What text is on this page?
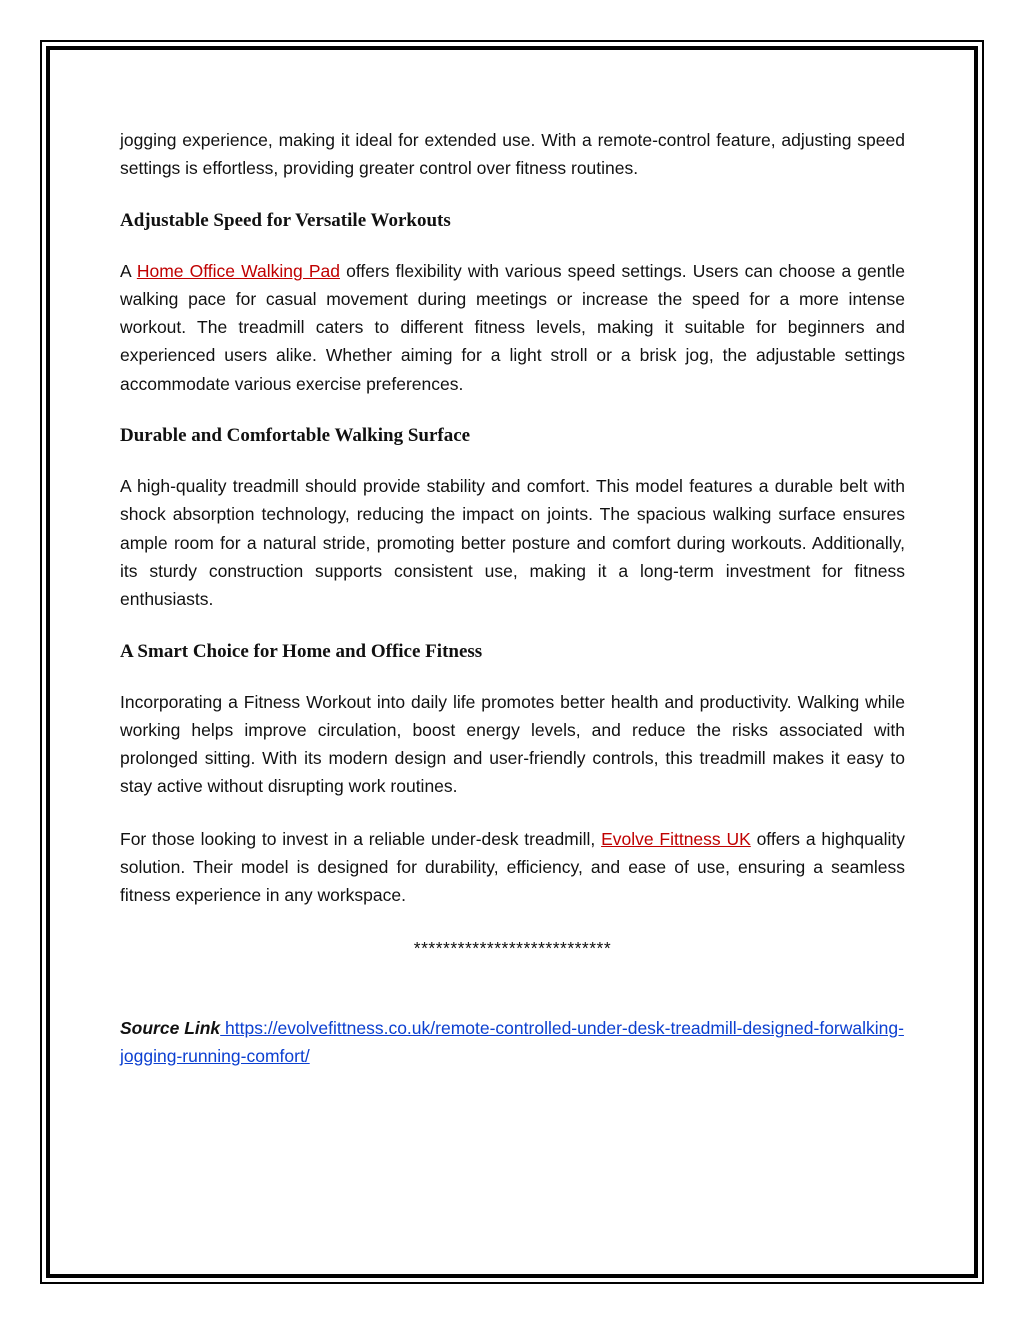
jogging experience, making it ideal for extended use. With a remote-control feature, adjusting speed settings is effortless, providing greater control over fitness routines.

Adjustable Speed for Versatile Workouts

A Home Office Walking Pad offers flexibility with various speed settings. Users can choose a gentle walking pace for casual movement during meetings or increase the speed for a more intense workout. The treadmill caters to different fitness levels, making it suitable for beginners and experienced users alike. Whether aiming for a light stroll or a brisk jog, the adjustable settings accommodate various exercise preferences.

Durable and Comfortable Walking Surface

A high-quality treadmill should provide stability and comfort. This model features a durable belt with shock absorption technology, reducing the impact on joints. The spacious walking surface ensures ample room for a natural stride, promoting better posture and comfort during workouts. Additionally, its sturdy construction supports consistent use, making it a long-term investment for fitness enthusiasts.

A Smart Choice for Home and Office Fitness

Incorporating a Fitness Workout into daily life promotes better health and productivity. Walking while working helps improve circulation, boost energy levels, and reduce the risks associated with prolonged sitting. With its modern design and user-friendly controls, this treadmill makes it easy to stay active without disrupting work routines.

For those looking to invest in a reliable under-desk treadmill, Evolve Fittness UK offers a highquality solution. Their model is designed for durability, efficiency, and ease of use, ensuring a seamless fitness experience in any workspace.

***************************

Source Link https://evolvefittness.co.uk/remote-controlled-under-desk-treadmill-designed-forwalking-jogging-running-comfort/
